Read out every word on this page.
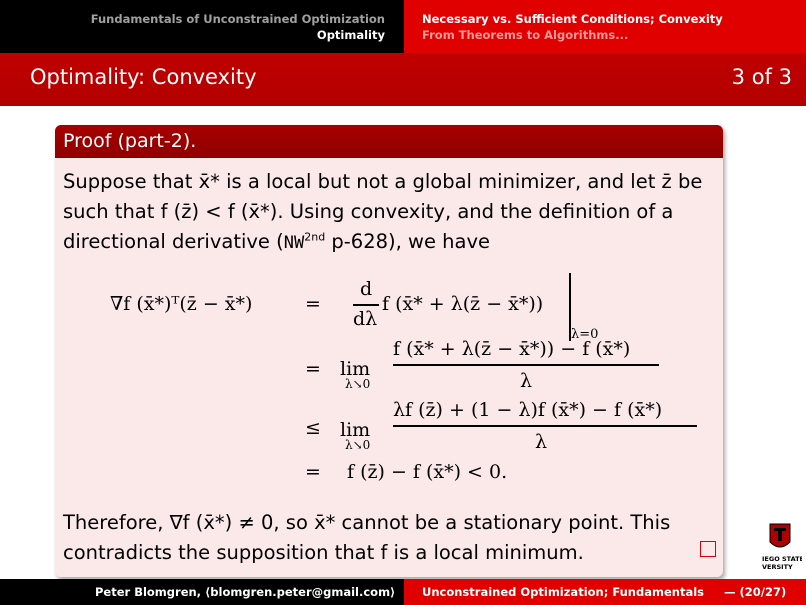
Fundamentals of Unconstrained Optimization
Optimality
Necessary vs. Sufficient Conditions; Convexity
From Theorems to Algorithms...
Optimality: Convexity	3 of 3
Proof (part-2).
Suppose that x̄* is a local but not a global minimizer, and let z̄ be
such that f (z̄) < f (x̄*). Using convexity, and the definition of a
directional derivative ($NW^{2nd}$ p-628), we have
∇f (x̄*)ᵀ(z̄ − x̄*)	=
d
dλ
f (x̄* + λ(z̄ − x̄*))
λ=0
= lim
λ↘0
f (x̄* + λ(z̄ − x̄*)) − f (x̄*)
λ
≤ lim
λ↘0
λf (z̄) + (1 − λ)f (x̄*) − f (x̄*)
λ
= f (z̄) − f (x̄*) < 0.
Therefore, ∇f (x̄*) ≠ 0, so x̄* cannot be a stationary point. This
contradicts the supposition that f is a local minimum.	IEGO STATE
VERSITY
Peter Blomgren, ⟨blomgren.peter@gmail.com⟩ Unconstrained Optimization; Fundamentals — (20/27)
